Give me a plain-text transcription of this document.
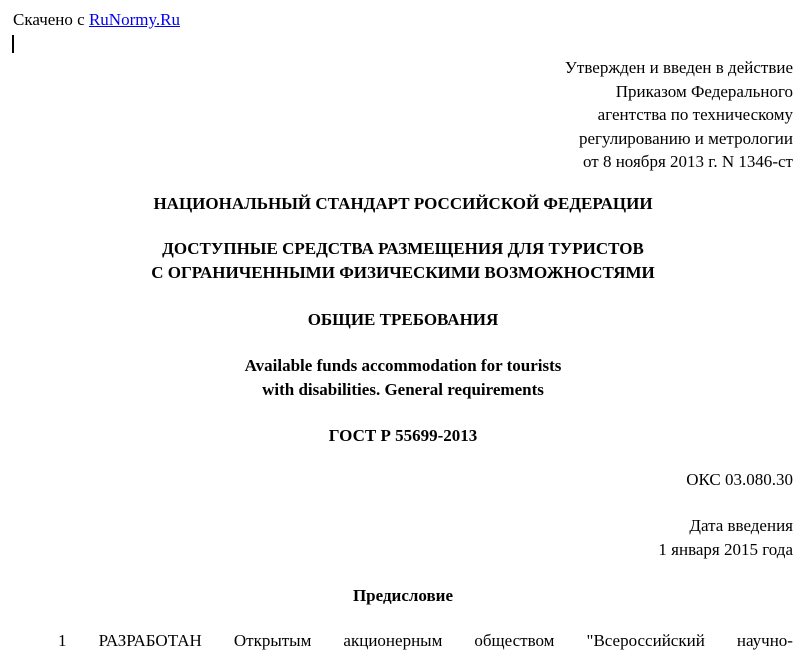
Скачено с RuNormy.Ru
Утвержден и введен в действие
Приказом Федерального
агентства по техническому
регулированию и метрологии
от 8 ноября 2013 г. N 1346-ст
НАЦИОНАЛЬНЫЙ СТАНДАРТ РОССИЙСКОЙ ФЕДЕРАЦИИ
ДОСТУПНЫЕ СРЕДСТВА РАЗМЕЩЕНИЯ ДЛЯ ТУРИСТОВ
С ОГРАНИЧЕННЫМИ ФИЗИЧЕСКИМИ ВОЗМОЖНОСТЯМИ
ОБЩИЕ ТРЕБОВАНИЯ
Available funds accommodation for tourists
with disabilities. General requirements
ГОСТ Р 55699-2013
ОКС 03.080.30
Дата введения
1 января 2015 года
Предисловие
1 РАЗРАБОТАН Открытым акционерным обществом "Всероссийский научно-
